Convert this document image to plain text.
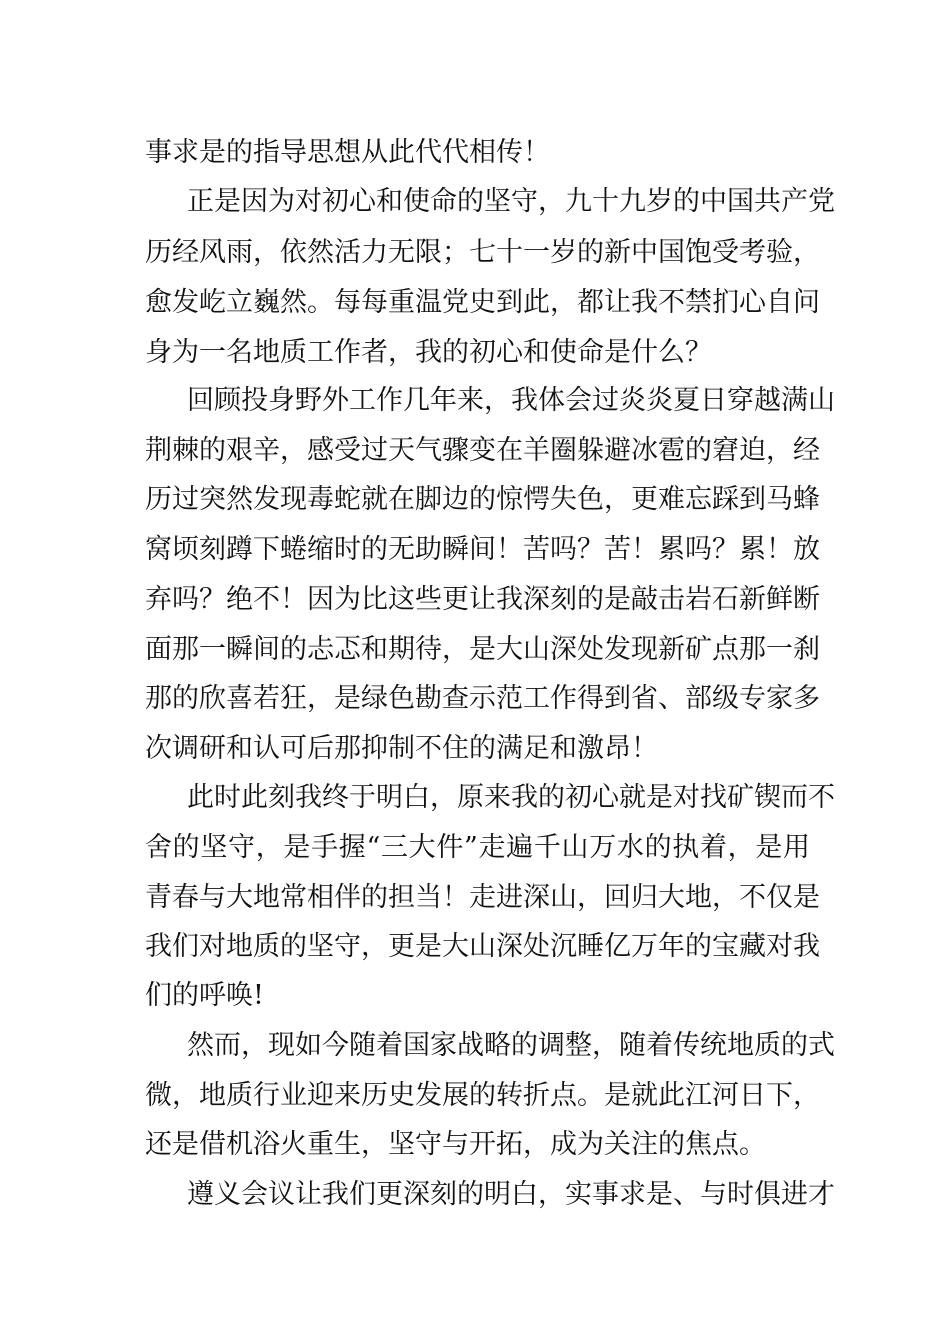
事求是的指导思想从此代代相传！
正是因为对初心和使命的坚守，九十九岁的中国共产党
历经风雨，依然活力无限；七十一岁的新中国饱受考验，
愈发屹立巍然。每每重温党史到此，都让我不禁扪心自问
身为一名地质工作者，我的初心和使命是什么？
回顾投身野外工作几年来，我体会过炎炎夏日穿越满山
荆棘的艰辛，感受过天气骤变在羊圈躲避冰雹的窘迫，经
历过突然发现毒蛇就在脚边的惊愕失色，更难忘踩到马蜂
窝顷刻蹲下蜷缩时的无助瞬间！苦吗？苦！累吗？累！放
弃吗？绝不！因为比这些更让我深刻的是敲击岩石新鲜断
面那一瞬间的忐忑和期待，是大山深处发现新矿点那一刹
那的欣喜若狂，是绿色勘查示范工作得到省、部级专家多
次调研和认可后那抑制不住的满足和激昂！
此时此刻我终于明白，原来我的初心就是对找矿锲而不
舍的坚守，是手握“三大件”走遍千山万水的执着，是用
青春与大地常相伴的担当！走进深山，回归大地，不仅是
我们对地质的坚守，更是大山深处沉睡亿万年的宝藏对我
们的呼唤!
然而，现如今随着国家战略的调整，随着传统地质的式
微，地质行业迎来历史发展的转折点。是就此江河日下，
还是借机浴火重生，坚守与开拓，成为关注的焦点。
遵义会议让我们更深刻的明白，实事求是、与时俱进才
